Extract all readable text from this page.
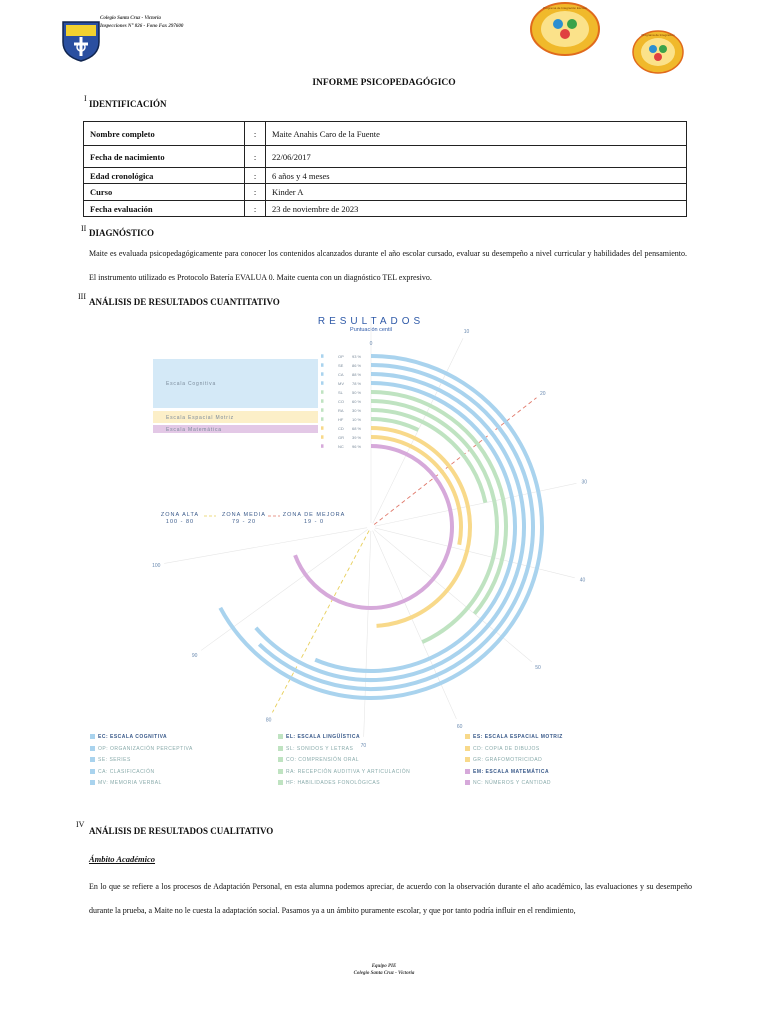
Colegio Santa Cruz - Victoria
Inspecciones N° 826 - Fono Fax 297600
Programa de Integración Escolar
Programa de Integración
INFORME PSICOPEDAGÓGICO
I
IDENTIFICACIÓN
Nombre completo	:	Maite Anahis Caro de la Fuente
Fecha de nacimiento	:	22/06/2017
Edad cronológica	:	6 años y 4 meses
Curso	:	Kinder A
Fecha evaluación	:	23 de noviembre de 2023
II DIAGNÓSTICO
Maite es evaluada psicopedagógicamente para conocer los contenidos alcanzados durante el año escolar cursado, evaluar su desempeño a nivel curricular y habilidades del pensamiento. El instrumento utilizado es Protocolo Batería EVALUA 0. Maite cuenta con un diagnóstico TEL expresivo.
III
ANÁLISIS DE RESULTADOS CUANTITATIVO
RESULTADOS
Puntuación centil
0
10
20
30
40
50
60
70
80
90
100
Escala Cognitiva
Escala Espacial Motriz
Escala Matemática
OP 93 %
SE 86 %
CA 88 %
MV 78 %
SL 50 %
CO 60 %
RA 30 %
HF 10 %
CD 68 %
GR 39 %
NC 96 %
ZONA ALTA
100 - 80
ZONA MEDIA
79 - 20
ZONA DE MEJORA
19 - 0
EC: ESCALA COGNITIVA	EL: ESCALA LINGÜÍSTICA	ES: ESCALA ESPACIAL MOTRIZ
OP: ORGANIZACIÓN PERCEPTIVA	SL: SONIDOS Y LETRAS	CD: COPIA DE DIBUJOS
SE: SERIES	CO: COMPRENSIÓN ORAL	GR: GRAFOMOTRICIDAD
CA: CLASIFICACIÓN	RA: RECEPCIÓN AUDITIVA Y ARTICULACIÓN	EM: ESCALA MATEMÁTICA
MV: MEMORIA VERBAL	HF: HABILIDADES FONOLÓGICAS	NC: NÚMEROS Y CANTIDAD
IV
ANÁLISIS DE RESULTADOS CUALITATIVO
Ámbito Académico
En lo que se refiere a los procesos de Adaptación Personal, en esta alumna podemos apreciar, de acuerdo con la observación durante el año académico, las evaluaciones y su desempeño durante la prueba, a Maite no le cuesta la adaptación social. Pasamos ya a un ámbito puramente escolar, y que por tanto podría influir en el rendimiento,
Equipo PIE
Colegio Santa Cruz - Victoria
